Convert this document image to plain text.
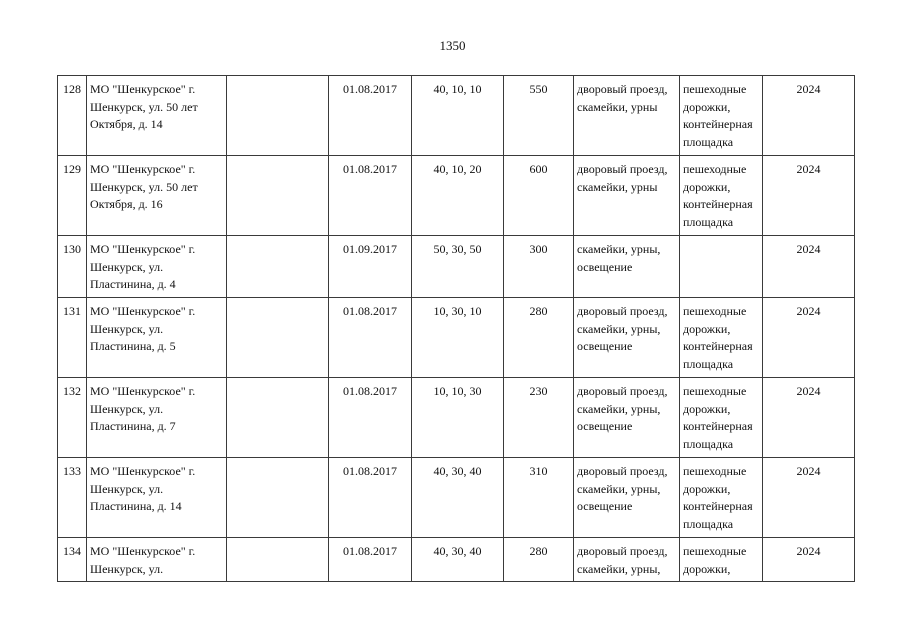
1350
128	МО "Шенкурское" г. Шенкурск, ул. 50 лет Октября, д. 14		01.08.2017	40, 10, 10	550	дворовый проезд, скамейки, урны	пешеходные дорожки, контейнерная площадка	2024
129	МО "Шенкурское" г. Шенкурск, ул. 50 лет Октября, д. 16		01.08.2017	40, 10, 20	600	дворовый проезд, скамейки, урны	пешеходные дорожки, контейнерная площадка	2024
130	МО "Шенкурское" г. Шенкурск, ул. Пластинина, д. 4		01.09.2017	50, 30, 50	300	скамейки, урны, освещение		2024
131	МО "Шенкурское" г. Шенкурск, ул. Пластинина, д. 5		01.08.2017	10, 30, 10	280	дворовый проезд, скамейки, урны, освещение	пешеходные дорожки, контейнерная площадка	2024
132	МО "Шенкурское" г. Шенкурск, ул. Пластинина, д. 7		01.08.2017	10, 10, 30	230	дворовый проезд, скамейки, урны, освещение	пешеходные дорожки, контейнерная площадка	2024
133	МО "Шенкурское" г. Шенкурск, ул. Пластинина, д. 14		01.08.2017	40, 30, 40	310	дворовый проезд, скамейки, урны, освещение	пешеходные дорожки, контейнерная площадка	2024
134	МО "Шенкурское" г. Шенкурск, ул.		01.08.2017	40, 30, 40	280	дворовый проезд, скамейки, урны,	пешеходные дорожки,	2024
